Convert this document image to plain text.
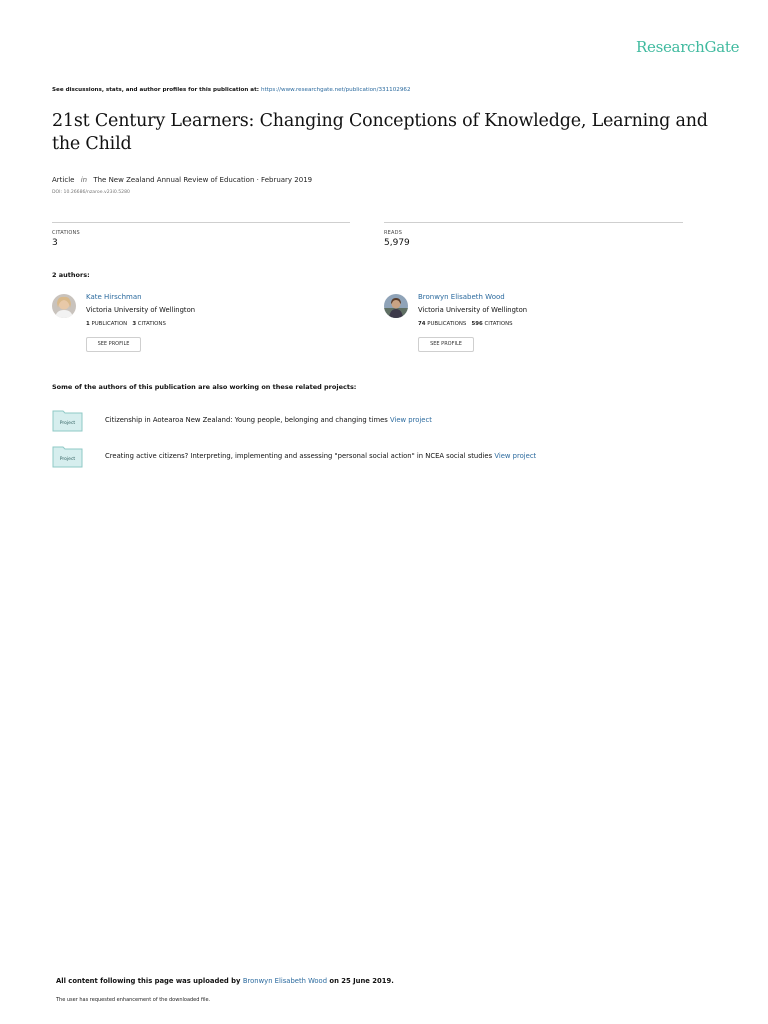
ResearchGate
See discussions, stats, and author profiles for this publication at: https://www.researchgate.net/publication/331102962
21st Century Learners: Changing Conceptions of Knowledge, Learning and the Child
Article in The New Zealand Annual Review of Education · February 2019
DOI: 10.26686/nzaroe.v23i0.5280
CITATIONS
3
READS
5,979
2 authors:
Kate Hirschman
Victoria University of Wellington
1 PUBLICATION 3 CITATIONS
SEE PROFILE
Bronwyn Elisabeth Wood
Victoria University of Wellington
74 PUBLICATIONS 596 CITATIONS
SEE PROFILE
Some of the authors of this publication are also working on these related projects:
Project	Citizenship in Aotearoa New Zealand: Young people, belonging and changing times View project
Project	Creating active citizens? Interpreting, implementing and assessing "personal social action" in NCEA social studies View project
All content following this page was uploaded by Bronwyn Elisabeth Wood on 25 June 2019.
The user has requested enhancement of the downloaded file.
